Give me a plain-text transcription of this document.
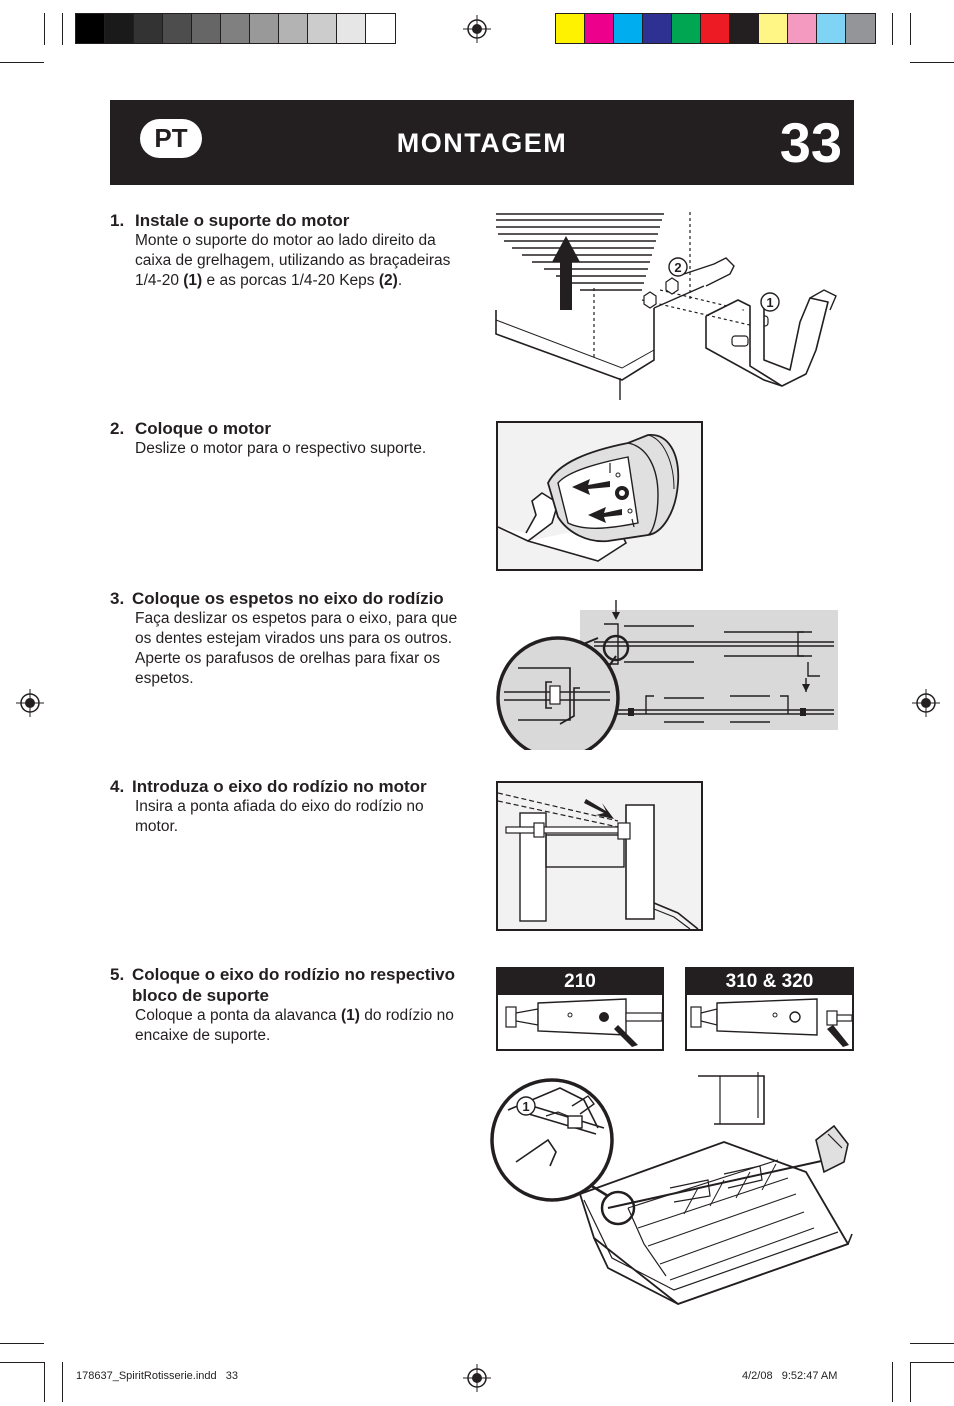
PT	MONTAGEM	33
1. Instale o suporte do motor
Monte o suporte do motor ao lado direito da caixa de grelhagem, utilizando as braçadeiras 1/4-20 (1) e as porcas 1/4-20 Keps (2).
2
1
2. Coloque o motor
Deslize o motor para o respectivo suporte.
3. Coloque os espetos no eixo do rodízio
Faça deslizar os espetos para o eixo, para que os dentes estejam virados uns para os outros. Aperte os parafusos de orelhas para fixar os espetos.
4. Introduza o eixo do rodízio no motor
Insira a ponta afiada do eixo do rodízio no motor.
5. Coloque o eixo do rodízio no respectivo bloco de suporte
Coloque a ponta da alavanca (1) do rodízio no encaixe de suporte.
210	310 & 320
1
178637_SpiritRotisserie.indd   33	4/2/08   9:52:47 AM
